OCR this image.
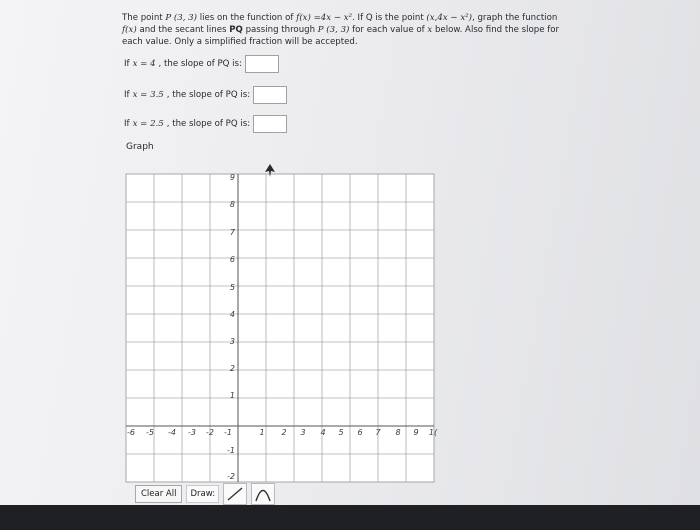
The point P (3, 3) lies on the function of f(x) =4x − x². If Q is the point (x,4x − x²), graph the function f(x) and the secant lines PQ passing through P (3, 3) for each value of x below. Also find the slope for each value. Only a simplified fraction will be accepted.
If x = 4 , the slope of PQ is:
If x = 3.5 , the slope of PQ is:
If x = 2.5 , the slope of PQ is:
Graph
-6 -5 -4 -3 -2 -1	1 2 3 4 5 6 7 8 9 1(
9
8
7
6
5
4
3
2
1
-1
-2
Clear All	Draw:
